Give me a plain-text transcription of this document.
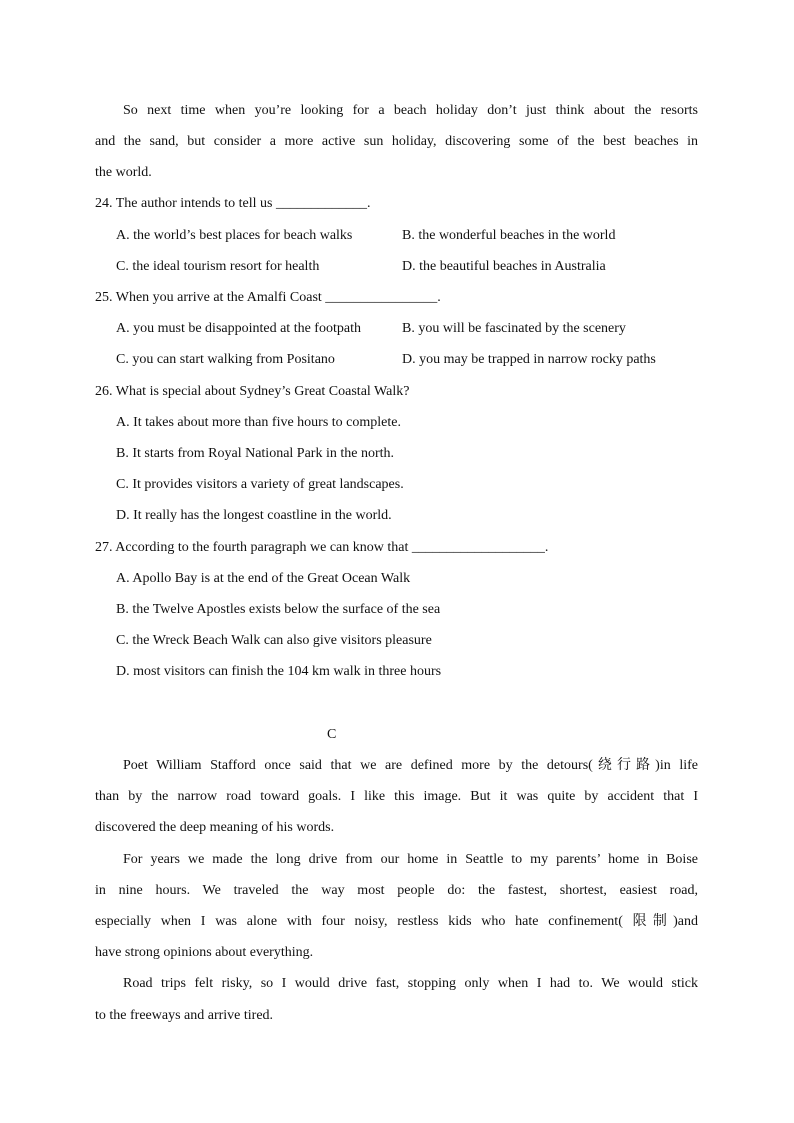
So next time when you’re looking for a beach holiday don’t just think about the resorts
and the sand, but consider a more active sun holiday, discovering some of the best beaches in
the world.
24. The author intends to tell us _____________.
A. the world’s best places for beach walks	B. the wonderful beaches in the world
C. the ideal tourism resort for health	D. the beautiful beaches in Australia
25. When you arrive at the Amalfi Coast ________________.
A. you must be disappointed at the footpath	B. you will be fascinated by the scenery
C. you can start walking from Positano	D. you may be trapped in narrow rocky paths
26. What is special about Sydney’s Great Coastal Walk?
A. It takes about more than five hours to complete.
B. It starts from Royal National Park in the north.
C. It provides visitors a variety of great landscapes.
D. It really has the longest coastline in the world.
27. According to the fourth paragraph we can know that ___________________.
A. Apollo Bay is at the end of the Great Ocean Walk
B. the Twelve Apostles exists below the surface of the sea
C. the Wreck Beach Walk can also give visitors pleasure
D. most visitors can finish the 104 km walk in three hours
C
Poet William Stafford once said that we are defined more by the detours(绕行路)in life
than by the narrow road toward goals. I like this image. But it was quite by accident that I
discovered the deep meaning of his words.
For years we made the long drive from our home in Seattle to my parents’ home in Boise
in nine hours. We traveled the way most people do: the fastest, shortest, easiest road,
especially when I was alone with four noisy, restless kids who hate confinement( 限制)and
have strong opinions about everything.
Road trips felt risky, so I would drive fast, stopping only when I had to. We would stick
to the freeways and arrive tired.
